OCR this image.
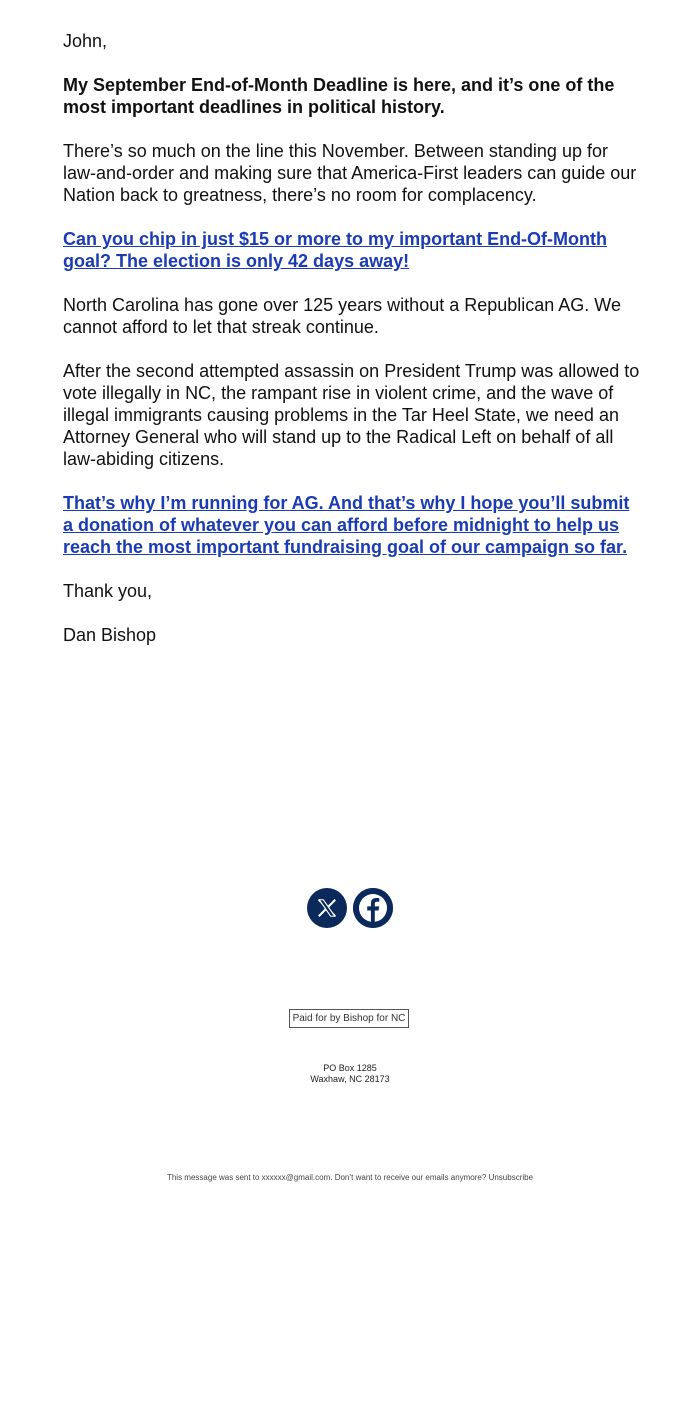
John,

My September End-of-Month Deadline is here, and it’s one of the most important deadlines in political history.

There’s so much on the line this November. Between standing up for law-and-order and making sure that America-First leaders can guide our Nation back to greatness, there’s no room for complacency.

Can you chip in just $15 or more to my important End-Of-Month goal? The election is only 42 days away!

North Carolina has gone over 125 years without a Republican AG. We cannot afford to let that streak continue.

After the second attempted assassin on President Trump was allowed to vote illegally in NC, the rampant rise in violent crime, and the wave of illegal immigrants causing problems in the Tar Heel State, we need an Attorney General who will stand up to the Radical Left on behalf of all law-abiding citizens.

That’s why I’m running for AG. And that’s why I hope you’ll submit a donation of whatever you can afford before midnight to help us reach the most important fundraising goal of our campaign so far.

Thank you,

Dan Bishop

Paid for by Bishop for NC
PO Box 1285
Waxhaw, NC 28173
This message was sent to xxxxxx@gmail.com. Don’t want to receive our emails anymore? Unsubscribe
